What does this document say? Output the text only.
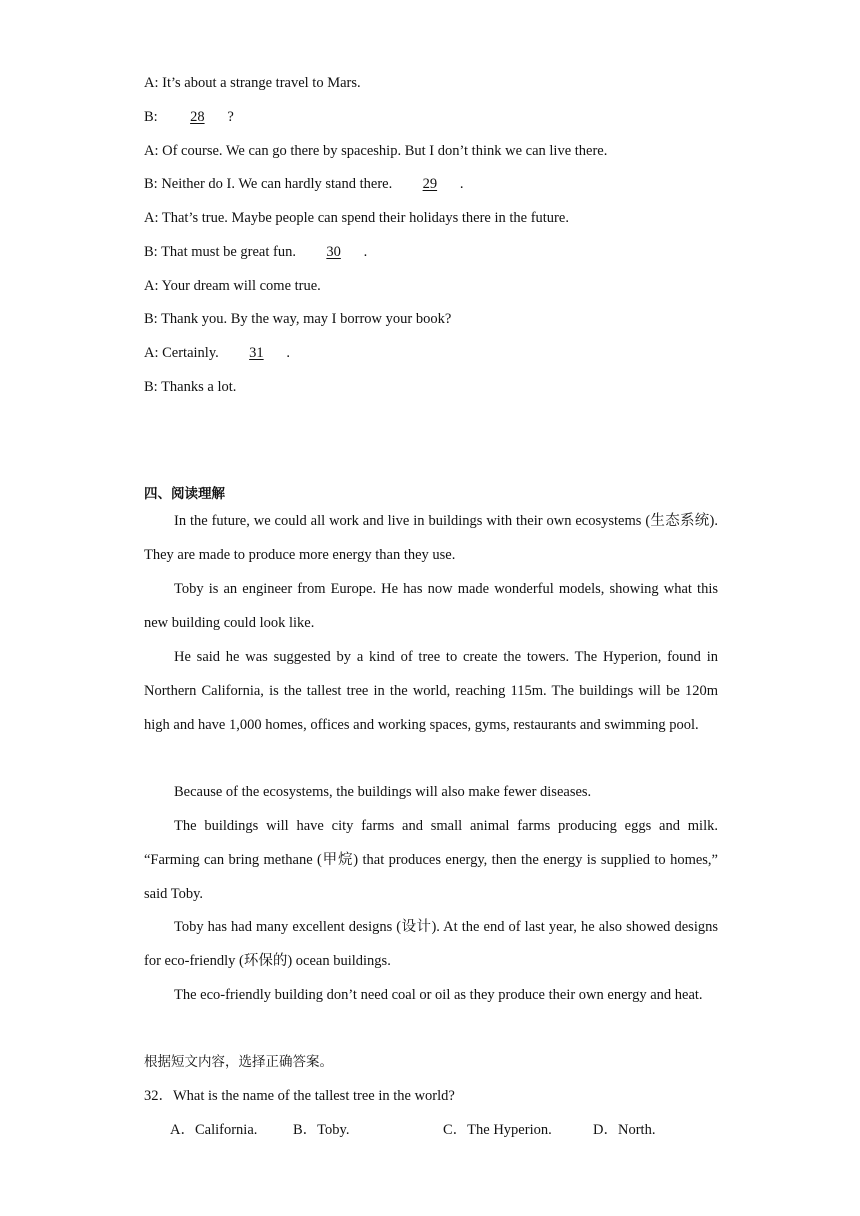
A: It’s about a strange travel to Mars.
B: 28 ?
A: Of course. We can go there by spaceship. But I don’t think we can live there.
B: Neither do I. We can hardly stand there. 29 .
A: That’s true. Maybe people can spend their holidays there in the future.
B: That must be great fun. 30 .
A: Your dream will come true.
B: Thank you. By the way, may I borrow your book?
A: Certainly. 31 .
B: Thanks a lot.
四、阅读理解

In the future, we could all work and live in buildings with their own ecosystems (生态系统). They are made to produce more energy than they use.

Toby is an engineer from Europe. He has now made wonderful models, showing what this new building could look like.

He said he was suggested by a kind of tree to create the towers. The Hyperion, found in Northern California, is the tallest tree in the world, reaching 115m. The buildings will be 120m high and have 1,000 homes, offices and working spaces, gyms, restaurants and swimming pool.

Because of the ecosystems, the buildings will also make fewer diseases.

The buildings will have city farms and small animal farms producing eggs and milk. “Farming can bring methane (甲烷) that produces energy, then the energy is supplied to homes,” said Toby.

Toby has had many excellent designs (设计). At the end of last year, he also showed designs for eco-friendly (环保的) ocean buildings.

The eco-friendly building don’t need coal or oil as they produce their own energy and heat.

根据短文内容，选择正确答案。
32．What is the name of the tallest tree in the world?
A．California. B．Toby.	C．The Hyperion.	D．North.
